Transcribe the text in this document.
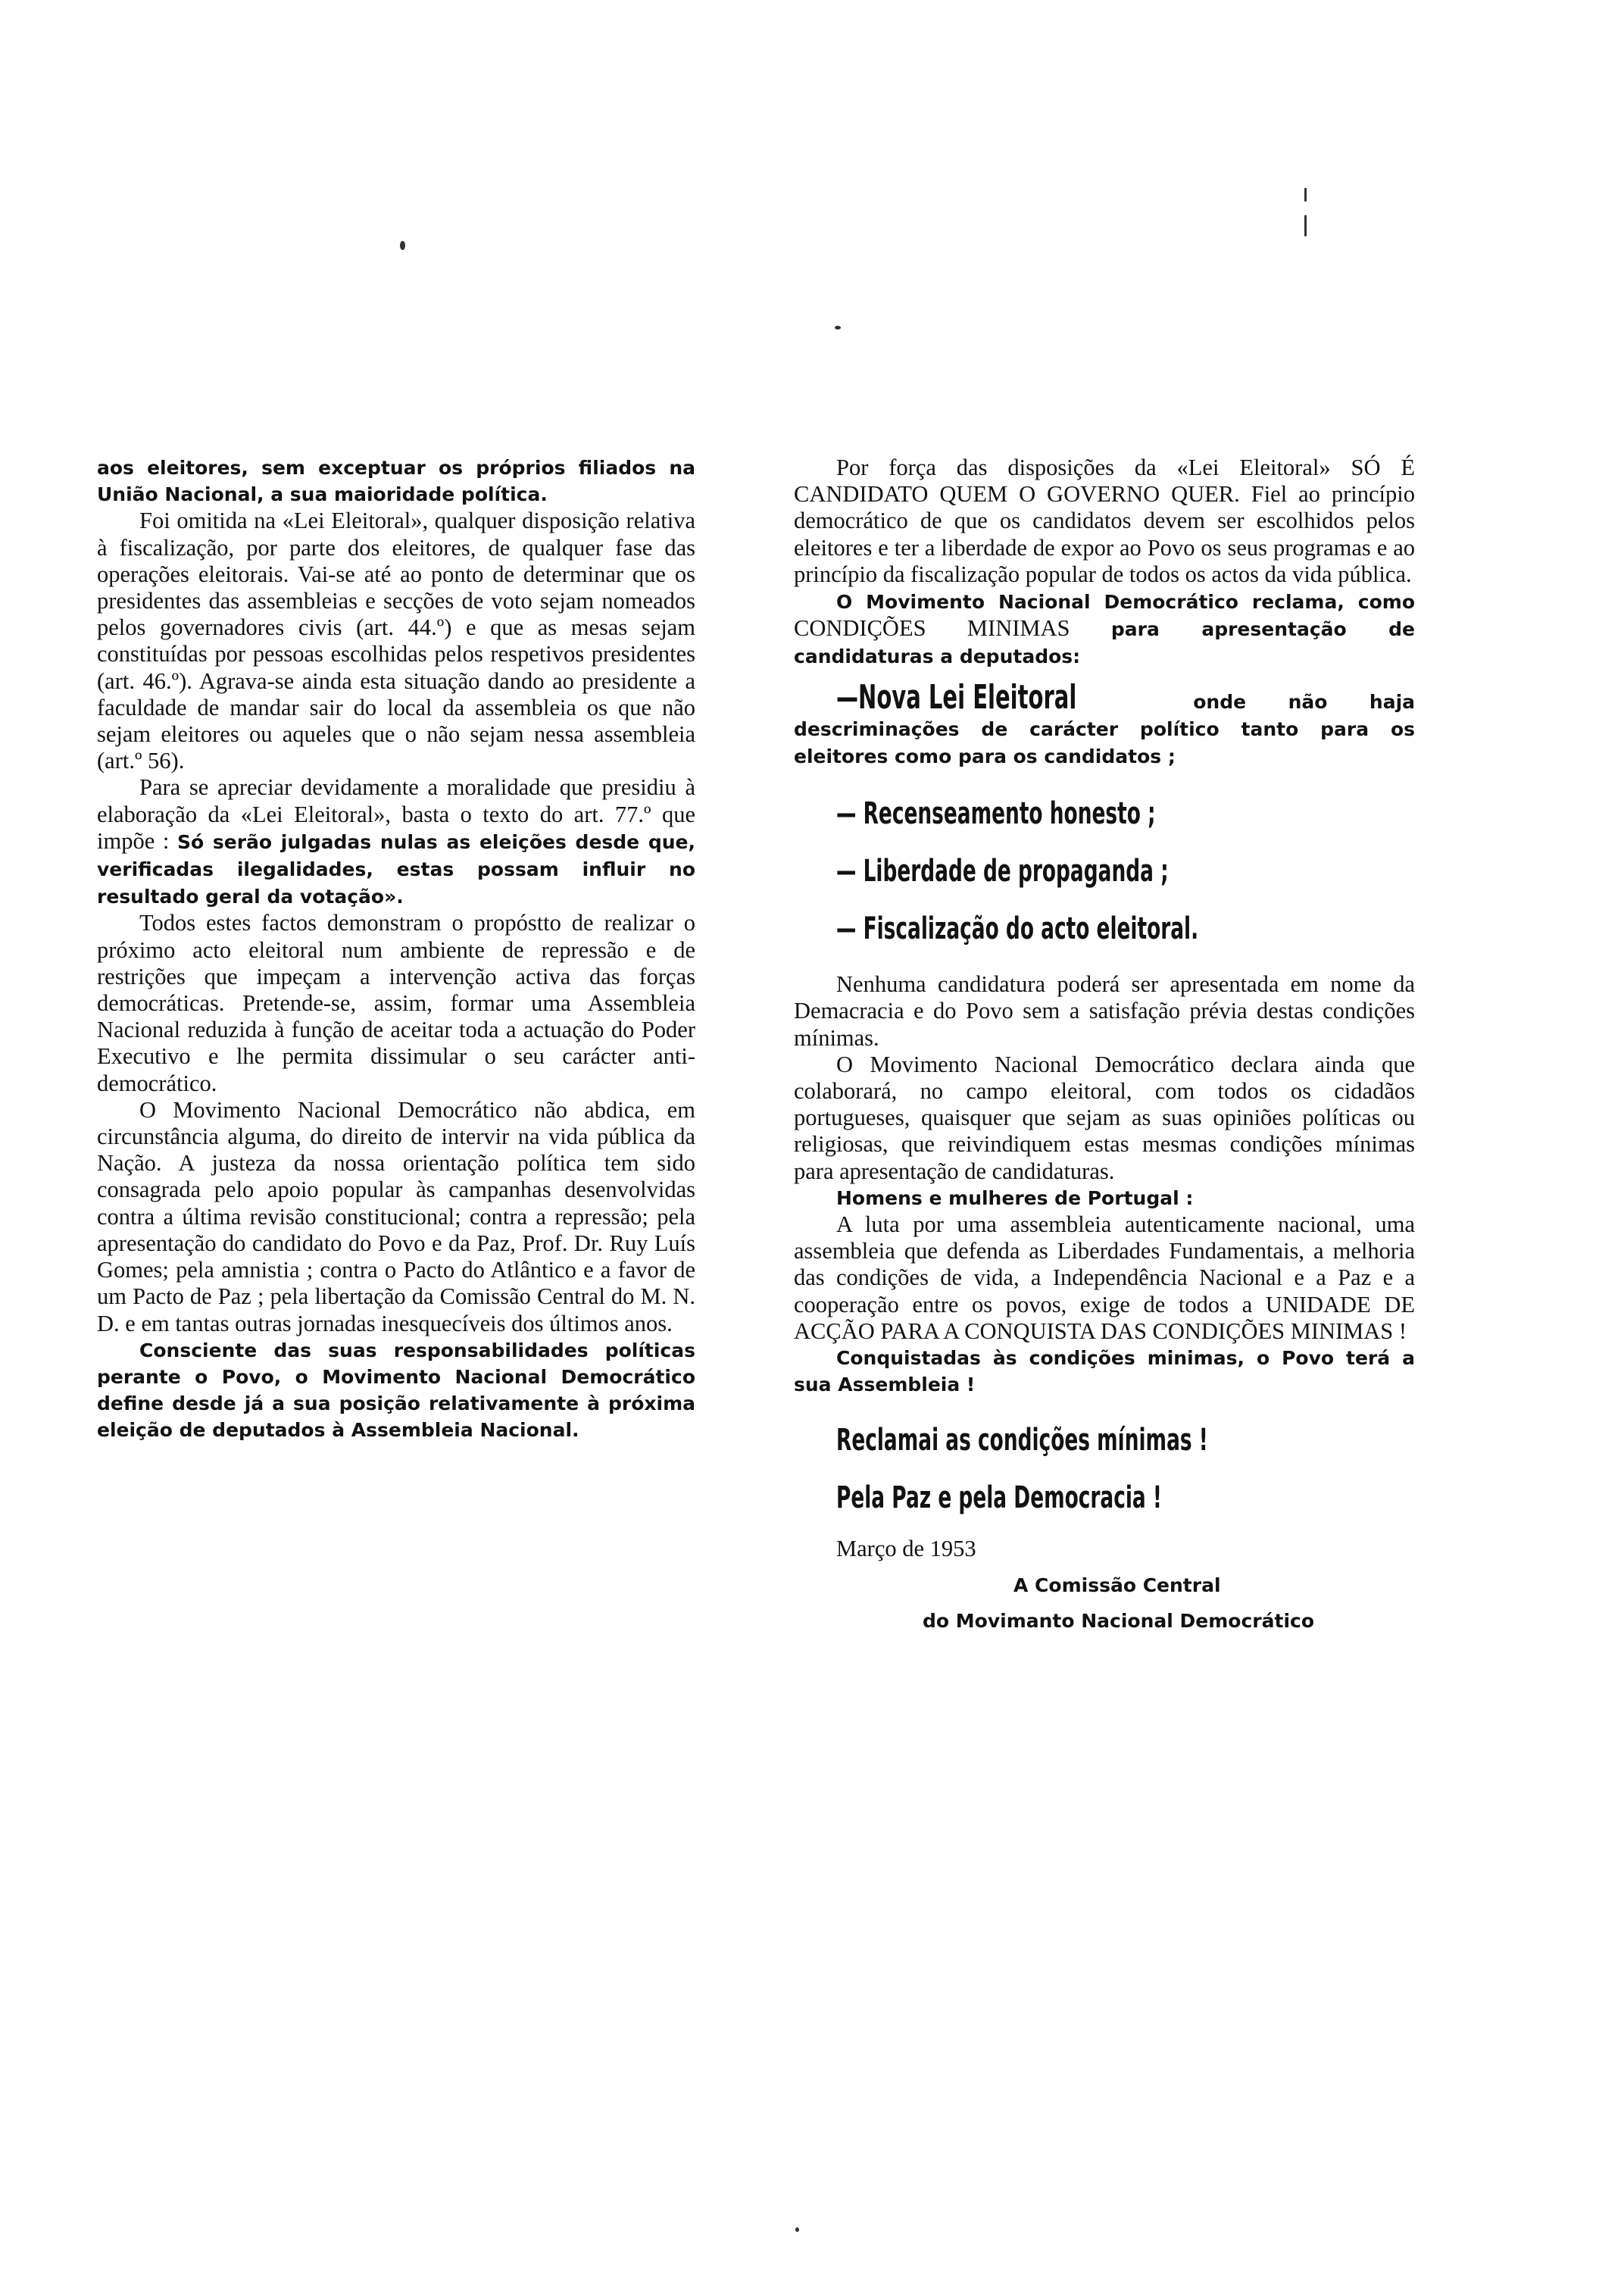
aos eleitores, sem exceptuar os próprios filiados na União Nacional, a sua maioridade política.

Foi omitida na «Lei Eleitoral», qualquer disposição relativa à fiscalização, por parte dos eleitores, de qualquer fase das operações eleitorais. Vai-se até ao ponto de determinar que os presidentes das assembleias e secções de voto sejam nomeados pelos governadores civis (art. 44.º) e que as mesas sejam constituídas por pessoas escolhidas pelos respetivos presidentes (art. 46.º). Agrava-se ainda esta situação dando ao presidente a faculdade de mandar sair do local da assembleia os que não sejam eleitores ou aqueles que o não sejam nessa assembleia (art.º 56).

Para se apreciar devidamente a moralidade que presidiu à elaboração da «Lei Eleitoral», basta o texto do art. 77.º que impõe : Só serão julgadas nulas as eleições desde que, verificadas ilegalidades, estas possam influir no resultado geral da votação».

Todos estes factos demonstram o propóstto de realizar o próximo acto eleitoral num ambiente de repressão e de restrições que impeçam a intervenção activa das forças democráticas. Pretende-se, assim, formar uma Assembleia Nacional reduzida à função de aceitar toda a actuação do Poder Executivo e lhe permita dissimular o seu carácter anti-democrático.

O Movimento Nacional Democrático não abdica, em circunstância alguma, do direito de intervir na vida pública da Nação. A justeza da nossa orientação política tem sido consagrada pelo apoio popular às campanhas desenvolvidas contra a última revisão constitucional; contra a repressão; pela apresentação do candidato do Povo e da Paz, Prof. Dr. Ruy Luís Gomes; pela amnistia ; contra o Pacto do Atlântico e a favor de um Pacto de Paz ; pela libertação da Comissão Central do M. N. D. e em tantas outras jornadas inesquecíveis dos últimos anos.

Consciente das suas responsabilidades políticas perante o Povo, o Movimento Nacional Democrático define desde já a sua posição relativamente à próxima eleição de deputados à Assembleia Nacional.

Por força das disposições da «Lei Eleitoral» SÓ É CANDIDATO QUEM O GOVERNO QUER. Fiel ao princípio democrático de que os candidatos devem ser escolhidos pelos eleitores e ter a liberdade de expor ao Povo os seus programas e ao princípio da fiscalização popular de todos os actos da vida pública.

O Movimento Nacional Democrático reclama, como CONDIÇÕES MINIMAS para apresentação de candidaturas a deputados:

—Nova Lei Eleitoral	onde não haja descriminações de carácter político tanto para os eleitores como para os candidatos ;

— Recenseamento honesto ;
— Liberdade de propaganda ;
— Fiscalização do acto eleitoral.

Nenhuma candidatura poderá ser apresentada em nome da Demacracia e do Povo sem a satisfação prévia destas condições mínimas.

O Movimento Nacional Democrático declara ainda que colaborará, no campo eleitoral, com todos os cidadãos portugueses, quaisquer que sejam as suas opiniões políticas ou religiosas, que reivindiquem estas mesmas condições mínimas para apresentação de candidaturas.

Homens e mulheres de Portugal :

A luta por uma assembleia autenticamente nacional, uma assembleia que defenda as Liberdades Fundamentais, a melhoria das condições de vida, a Independência Nacional e a Paz e a cooperação entre os povos, exige de todos a UNIDADE DE ACÇÃO PARA A CONQUISTA DAS CONDIÇÕES MINIMAS !

Conquistadas às condições minimas, o Povo terá a sua Assembleia !

Reclamai as condições mínimas !
Pela Paz e pela Democracia !

Março de 1953

A Comissão Central

do Movimanto Nacional Democrático
